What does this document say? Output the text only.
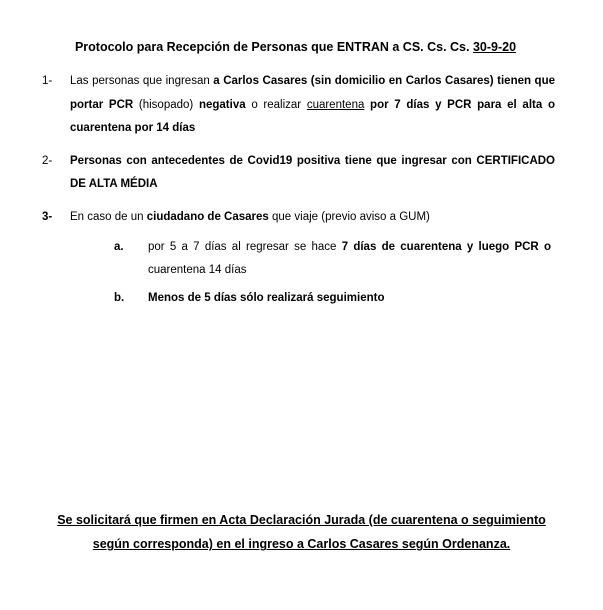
Protocolo para Recepción de Personas que ENTRAN a CS. Cs. Cs. 30-9-20
1-	Las personas que ingresan a Carlos Casares (sin domicilio en Carlos Casares) tienen que portar PCR (hisopado) negativa o realizar cuarentena por 7 días y PCR para el alta o cuarentena por 14 días
2-	Personas con antecedentes de Covid19 positiva tiene que ingresar con CERTIFICADO DE ALTA MÉDIA
3-	En caso de un ciudadano de Casares que viaje (previo aviso a GUM)
a.	por 5 a 7 días al regresar se hace 7 días de cuarentena y luego PCR o cuarentena 14 días
b.	Menos de 5 días sólo realizará seguimiento
Se solicitará que firmen en Acta Declaración Jurada (de cuarentena o seguimiento según corresponda) en el ingreso a Carlos Casares según Ordenanza.
